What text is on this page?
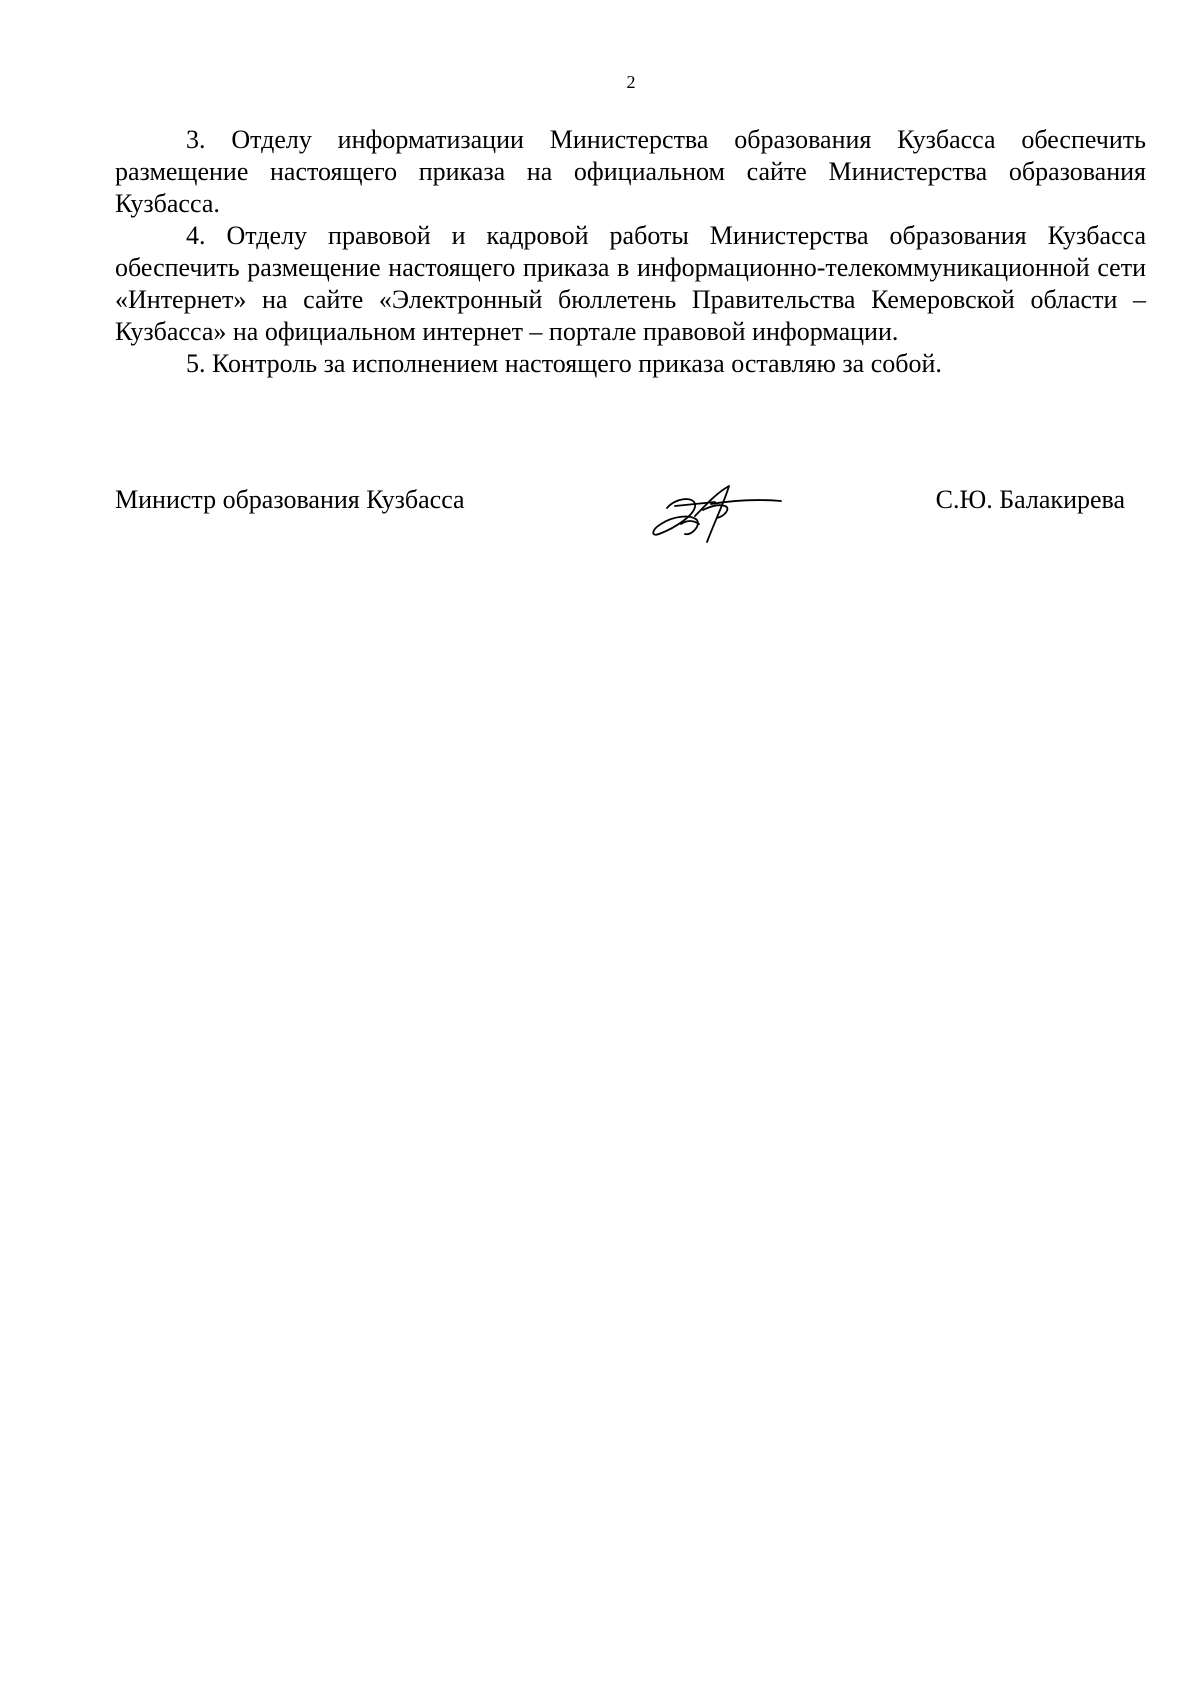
2

3. Отделу информатизации Министерства образования Кузбасса обеспечить размещение настоящего приказа на официальном сайте Министерства образования Кузбасса.

4. Отделу правовой и кадровой работы Министерства образования Кузбасса обеспечить размещение настоящего приказа в информационно-телекоммуникационной сети «Интернет» на сайте «Электронный бюллетень Правительства Кемеровской области – Кузбасса» на официальном интернет – портале правовой информации.

5. Контроль за исполнением настоящего приказа оставляю за собой.

Министр образования Кузбасса	С.Ю. Балакирева
